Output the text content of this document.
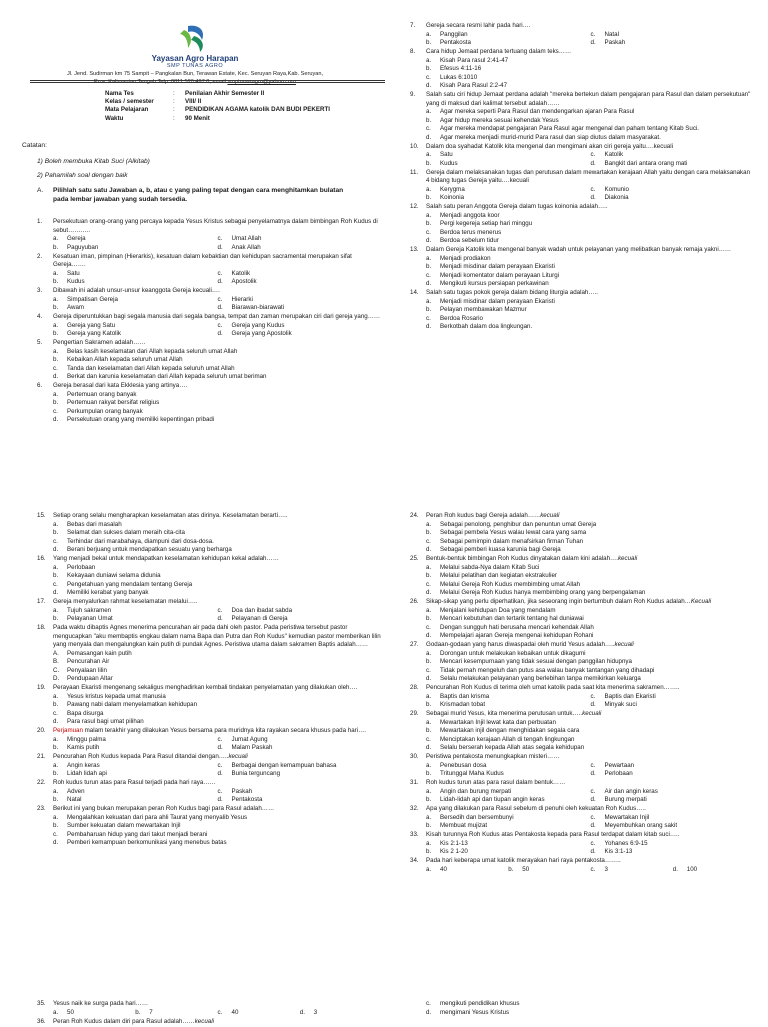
Yayasan Agro Harapan
SMP TUNAS AGRO
Jl. Jend. Sudirman km 75 Sampit – Pangkalan Bun, Terawan Estate, Kec. Seruyan Raya,Kab. Seruyan,
Prov. Kalimantan Tengah.Telp. 0811 520 497 8, email smptunasagro@yahoo.com
Nama Tes	:	Penilaian Akhir Semester II
Kelas / semester	:	VIII/ II
Mata Pelajaran	:	PENDIDIKAN AGAMA katolik DAN BUDI PEKERTI
Waktu	:	90 Menit
Catatan:
1) Boleh membuka Kitab Suci (Alkitab)
2) Pahamilah soal dengan baik
A.	Pilihlah satu satu Jawaban a, b, atau c yang paling tepat dengan cara menghitamkan bulatan pada lembar jawaban yang sudah tersedia.
1.	Persekutuan orang-orang yang percaya kepada Yesus Kristus sebagai penyelamatnya dalam bimbingan Roh Kudus di sebut………..
a.	Gereja	c.	Umat Allah
b.	Paguyuban	d.	Anak Allah
2.	Kesatuan iman, pimpinan (Hierarkis), kesatuan dalam kebaktian dan kehidupan sacramental merupakan sifat Gereja…….
a.	Satu	c.	Katolik
b.	Kudus	d.	Apostolik
3.	Dibawah ini adalah unsur-unsur keanggota Gereja kecuali….
a.	Simpatisan Gereja	c.	Hierarki
b.	Awam	d.	Biarawan-biarawati
4.	Gereja diperuntukkan bagi segala manusia dari segala bangsa, tempat dan zaman merupakan ciri dari gereja yang……
a.	Gereja yang Satu	c.	Gereja yang Kudus
b.	Gereja yang Katolik	d.	Gereja yang Apostolik
5.	Pengertian Sakramen adalah……
a.	Belas kasih keselamatan dari Allah kepada seluruh umat Allah
b.	Kebaikan Allah kepada seluruh umat Allah
c.	Tanda dan keselamatan dari Allah kepada seluruh umat Allah
d.	Berkat dan karunia keselamatan dari Allah kepada seluruh umat beriman
6.	Gereja berasal dari kata Ekklesia yang artinya….
a.	Pertemuan orang banyak
b.	Pertemuan rakyat bersifat religius
c.	Perkumpulan orang banyak
d.	Persekutuan orang yang memiliki kepentingan pribadi
7.	Gereja secara resmi lahir pada hari….
a.	Panggilan	c.	Natal
b.	Pentakosta	d.	Paskah
8.	Cara hidup Jemaat perdana tertuang dalam teks……
a.	Kisah Para rasul 2:41-47
b.	Efesus 4:11-16
c.	Lukas 6:1010
d.	Kisah Para Rasul 2:2-47
9.	Salah satu ciri hidup Jemaat perdana adalah "mereka bertekun dalam pengajaran para Rasul dan dalam persekutuan" yang di maksud dari kalimat tersebut adalah……
a.	Agar mereka seperti Para Rasul dan mendengarkan ajaran Para Rasul
b.	Agar hidup mereka sesuai kehendak Yesus
c.	Agar mereka mendapat pengajaran Para Rasul agar mengenal dan paham tentang Kitab Suci.
d.	Agar mereka menjadi murid-murid Para rasul dan siap diutus dalam masyarakat.
10.	Dalam doa syahadat Katolik kita mengenal dan mengimani akan ciri gereja yaitu….kecuali
a.	Satu	c.	Katolik
b.	Kudus	d.	Bangkit dari antara orang mati
11.	Gereja dalam melaksanakan tugas dan perutusan dalam mewartakan kerajaan Allah yaitu dengan cara melaksanakan 4 bidang tugas Gereja yaitu….kecuali
a.	Kerygma	c.	Komunio
b.	Koinonia	d.	Diakonia
12.	Salah satu peran Anggota Gereja dalam tugas koinonia adalah…..
a.	Menjadi anggota koor
b.	Pergi kegereja setiap hari minggu
c.	Berdoa terus menerus
d.	Berdoa sebelum tidur
13.	Dalam Gereja Katolik kita mengenal banyak wadah untuk pelayanan yang melibatkan banyak remaja yakni……
a.	Menjadi prodiakon
b.	Menjadi misdinar dalam perayaan Ekaristi
c.	Menjadi komentator dalam perayaan Liturgi
d.	Mengikuti kursus persiapan perkawinan
14.	Salah satu tugas pokok gereja dalam bidang liturgia adalah…..
a.	Menjadi misdinar dalam perayaan Ekaristi
b.	Pelayan membawakan Mazmur
c.	Berdoa Rosario
d.	Berkotbah dalam doa lingkungan.
15.	Setiap orang selalu mengharapkan keselamatan atas dirinya. Keselamatan berarti…..
a.	Bebas dari masalah
b.	Selamat dan sukses dalam meraih cita-cita
c.	Terhindar dari marabahaya, diampuni dari dosa-dosa.
d.	Berani berjuang untuk mendapatkan sesuatu yang berharga
16.	Yang menjadi bekal untuk mendapatkan keselamatan kehidupan kekal adalah……
a.	Perlobaan
b.	Kekayaan duniawi selama didunia
c.	Pengetahuan yang mendalam tentang Gereja
d.	Memiliki kerabat yang banyak
17.	Gereja menyalurkan rahmat keselamatan melalui…..
a.	Tujuh sakramen	c.	Doa dan ibadat sabda
b.	Pelayanan Umat	d.	Pelayanan di Gereja
18.	Pada waktu dibaptis Agnes menerima pencurahan air pada dahi oleh pastor. Pada peristiwa tersebut pastor mengucapkan "aku membaptis engkau dalam nama Bapa dan Putra dan Roh Kudus" kemudian pastor memberikan lilin yang menyala dan mengalungkan kain putih di pundak Agnes. Peristiwa utama dalam sakramen Baptis adalah……
A.	Pemasangan kain putih
B.	Pencurahan Air
C.	Penyalaan lilin
D.	Pendupaan Altar
19.	Perayaan Ekaristi mengenang sekaligus menghadirkan kembali tindakan penyelamatan yang dilakukan oleh….
a.	Yesus kristus kepada umat manusia
b.	Pawang nabi dalam menyelamatkan kehidupan
c.	Bapa disurga
d.	Para rasul bagi umat pilihan
20.	Perjamuan malam terakhir yang dilakukan Yesus bersama para muridnya kita rayakan secara khusus pada hari….
a.	Minggu palma	c.	Jumat Agung
b.	Kamis putih	d.	Malam Paskah
21.	Pencurahan Roh Kudus kepada Para Rasul ditandai dengan…..kecuali
a.	Angin keras	c.	Berbagai dengan kemampuan bahasa
b.	Lidah lidah api	d.	Bunia terguncang
22.	Roh kudus turun atas para Rasul terjadi pada hari raya……
a.	Adven	c.	Paskah
b.	Natal	d.	Pentakosta
23.	Berikut ini yang bukan merupakan peran Roh Kudus bagi para Rasul adalah……
a.	Mengalahkan kekuatan dari para ahli Taurat yang menyalib Yesus
b.	Sumber kekuatan dalam mewartakan Injil
c.	Pembaharuan hidup yang dari takut menjadi berani
d.	Pemberi kemampuan berkomunikasi yang menebus batas
24.	Peran Roh kudus bagi Gereja adalah……kecuali
a.	Sebagai penolong, penghibur dan penuntun umat Gereja
b.	Sebagai pembela Yesus walau lewat cara yang sama
c.	Sebagai pemimpin dalam menafsirkan firman Tuhan
d.	Sebagai pemberi kuasa karunia bagi Gereja
25.	Bentuk-bentuk bimbingan Roh Kudus dinyatakan dalam kini adalah….kecuali
a.	Melalui sabda-Nya dalam Kitab Suci
b.	Melalui pelatihan dan kegiatan ekstrakulier
c.	Melalui Gereja Roh Kudus membimbing umat Allah
d.	Melalui Gereja Roh Kudus hanya membimbing orang yang berpengalaman
26.	Sikap-sikap yang perlu diperhatikan, jika seseorang ingin bertumbuh dalam Roh Kudus adalah…Kecuali
a.	Menjalani kehidupan Doa yang mendalam
b.	Mencari kebutuhan dan tertarik tentang hal duniawai
c.	Dengan sungguh hati berusaha mencari kehendak Allah
d.	Mempelajari ajaran Gereja mengenai kehidupan Rohani
27.	Godaan-godaan yang harus diwaspadai oleh murid Yesus adalah…..kecuali
a.	Dorongan untuk melakukan kebaikan untuk dikagumi
b.	Mencari kesempurnaan yang tidak sesuai dengan panggilan hidupnya
c.	Tidak pernah mengeluh dan putus asa walau banyak tantangan yang dihadapi
d.	Selalu melakukan pelayanan yang berlebihan tanpa memikirkan keluarga
28.	Pencurahan Roh Kudus di terima oleh umat katolik pada saat kita menerima sakramen……..
a.	Baptis dan krisma	c.	Baptis dan Ekaristi
b.	Krismadan tobat	d.	Minyak suci
29.	Sebagai murid Yesus, kita menerima perutusan untuk…..kecuali
a.	Mewartakan Injil lewat kata dan perbuatan
b.	Mewartakan injil dengan menghidakan segala cara
c.	Menciptakan kerajaan Allah di tengah lingkungan
d.	Selalu berserah kepada Allah atas segala kehidupan
30.	Peristiwa pentakosta menungkapkan misteri……
a.	Penebusan dosa	c.	Pewartaan
b.	Tritunggal Maha Kudus	d.	Perlobaan
31.	Roh kudus turun atas para rasul dalam bentuk……
a.	Angin dan burung merpati	c.	Air dan angin keras
b.	Lidah-lidah api dan tiupan angin keras	d.	Burung merpati
32.	Apa yang dilakukan para Rasul sebelum di penuhi oleh kekuatan Roh Kudus…..
a.	Bersedih dan bersembunyi	c.	Mewartakan Injil
b.	Membuat mujizat	d.	Meyembuhkan orang sakit
33.	Kisah turunnya Roh Kudus atas Pentakosta kepada para Rasul terdapat dalam kitab suci…..
a.	Kis 2:1-13	c.	Yohanes 6:9-15
b.	Kis 2 1-20	d.	Kis 3:1-13
34.	Pada hari keberapa umat katolik merayakan hari raya pentakosta……..
a.	40	b.	50	c.	3	d.	100
35.	Yesus naik ke surga pada hari……
a.	50	b.	7	c.	40	d.	3
36.	Peran Roh Kudus dalam diri para Rasul adalah……kecuali
c.	mengikuti pendidikan khusus
d.	mengimani Yesus Kristus
